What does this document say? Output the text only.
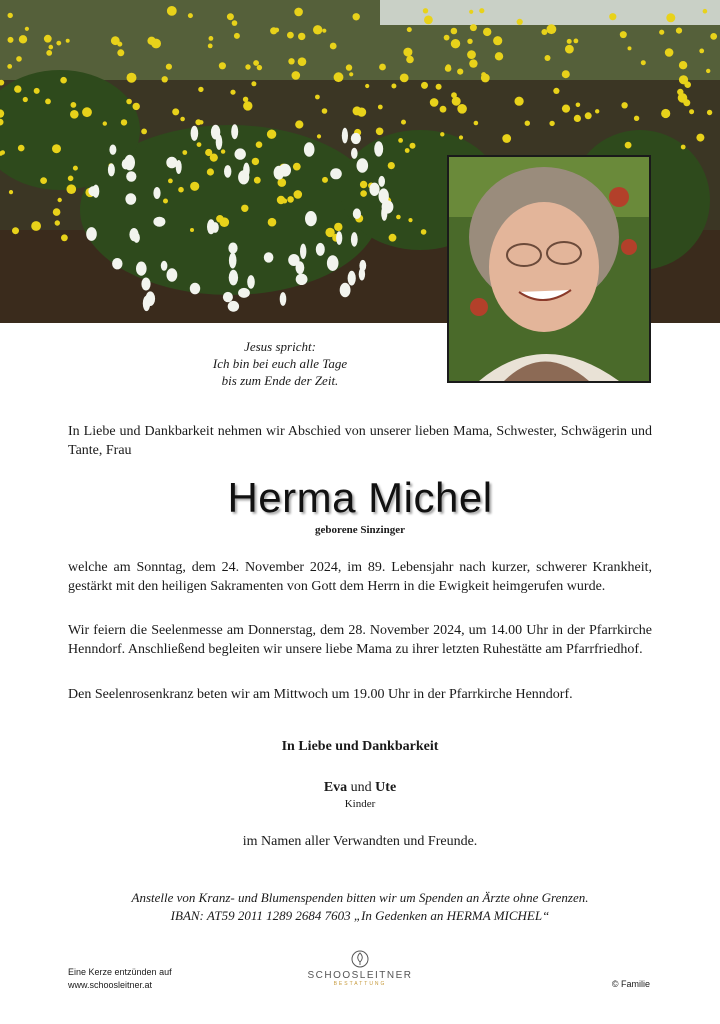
Jesus spricht:
Ich bin bei euch alle Tage
bis zum Ende der Zeit.
In Liebe und Dankbarkeit nehmen wir Abschied von unserer lieben Mama, Schwester, Schwägerin und Tante, Frau
Herma Michel
geborene Sinzinger
welche am Sonntag, dem 24. November 2024, im 89. Lebensjahr nach kurzer, schwerer Krankheit, gestärkt mit den heiligen Sakramenten von Gott dem Herrn in die Ewigkeit heimgerufen wurde.
Wir feiern die Seelenmesse am Donnerstag, dem 28. November 2024, um 14.00 Uhr in der Pfarrkirche Henndorf. Anschließend begleiten wir unsere liebe Mama zu ihrer letzten Ruhestätte am Pfarrfriedhof.
Den Seelenrosenkranz beten wir am Mittwoch um 19.00 Uhr in der Pfarrkirche Henndorf.
In Liebe und Dankbarkeit
Eva und Ute
Kinder
im Namen aller Verwandten und Freunde.
Anstelle von Kranz- und Blumenspenden bitten wir um Spenden an Ärzte ohne Grenzen.
IBAN: AT59 2011 1289 2684 7603 „In Gedenken an HERMA MICHEL“
Eine Kerze entzünden auf
www.schoosleitner.at
SCHOOSLEITNER
BESTATTUNG	© Familie
